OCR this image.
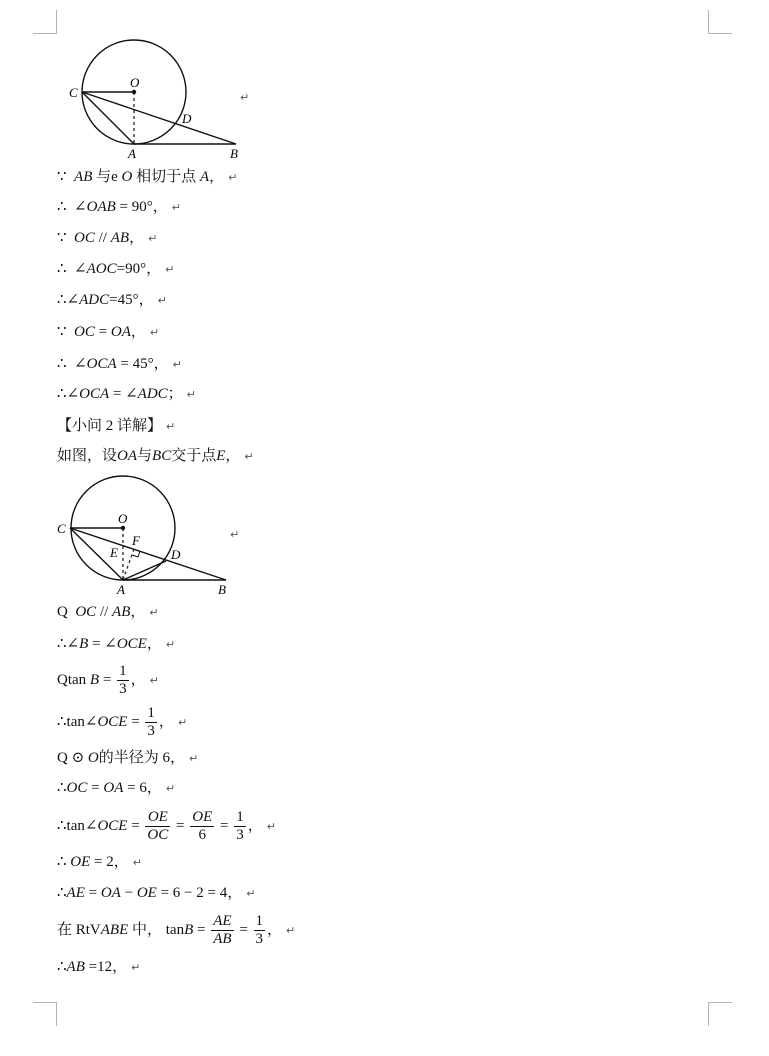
O
C
D
A	B
↵
∵ AB 与e O 相切于点 A， ↵
∴ ∠OAB = 90°， ↵
∵ OC // AB， ↵
∴ ∠AOC=90°， ↵
∴∠ADC=45°， ↵
∵ OC = OA， ↵
∴ ∠OCA = 45°， ↵
∴∠OCA = ∠ADC； ↵
【小问 2 详解】 ↵
如图，设OA与BC交于点E， ↵
O
C
F
E	D
A	B
↵
Q OC // AB， ↵
∴∠B = ∠OCE， ↵
Qtan $B = \frac{1}{3}$ ， ↵
∴tan∠OCE = $\frac{1}{3}$ ， ↵
Q ⊙ O的半径为 6， ↵
∴OC = OA = 6， ↵
∴tan∠OCE = $\frac{OE}{OC} = \frac{OE}{6} = \frac{1}{3}$ ， ↵
∴ OE = 2， ↵
∴AE = OA − OE = 6 − 2 = 4， ↵
在 RtVABE 中， $\tan B = \frac{AE}{AB} = \frac{1}{3}$ ， ↵
∴AB =12， ↵
